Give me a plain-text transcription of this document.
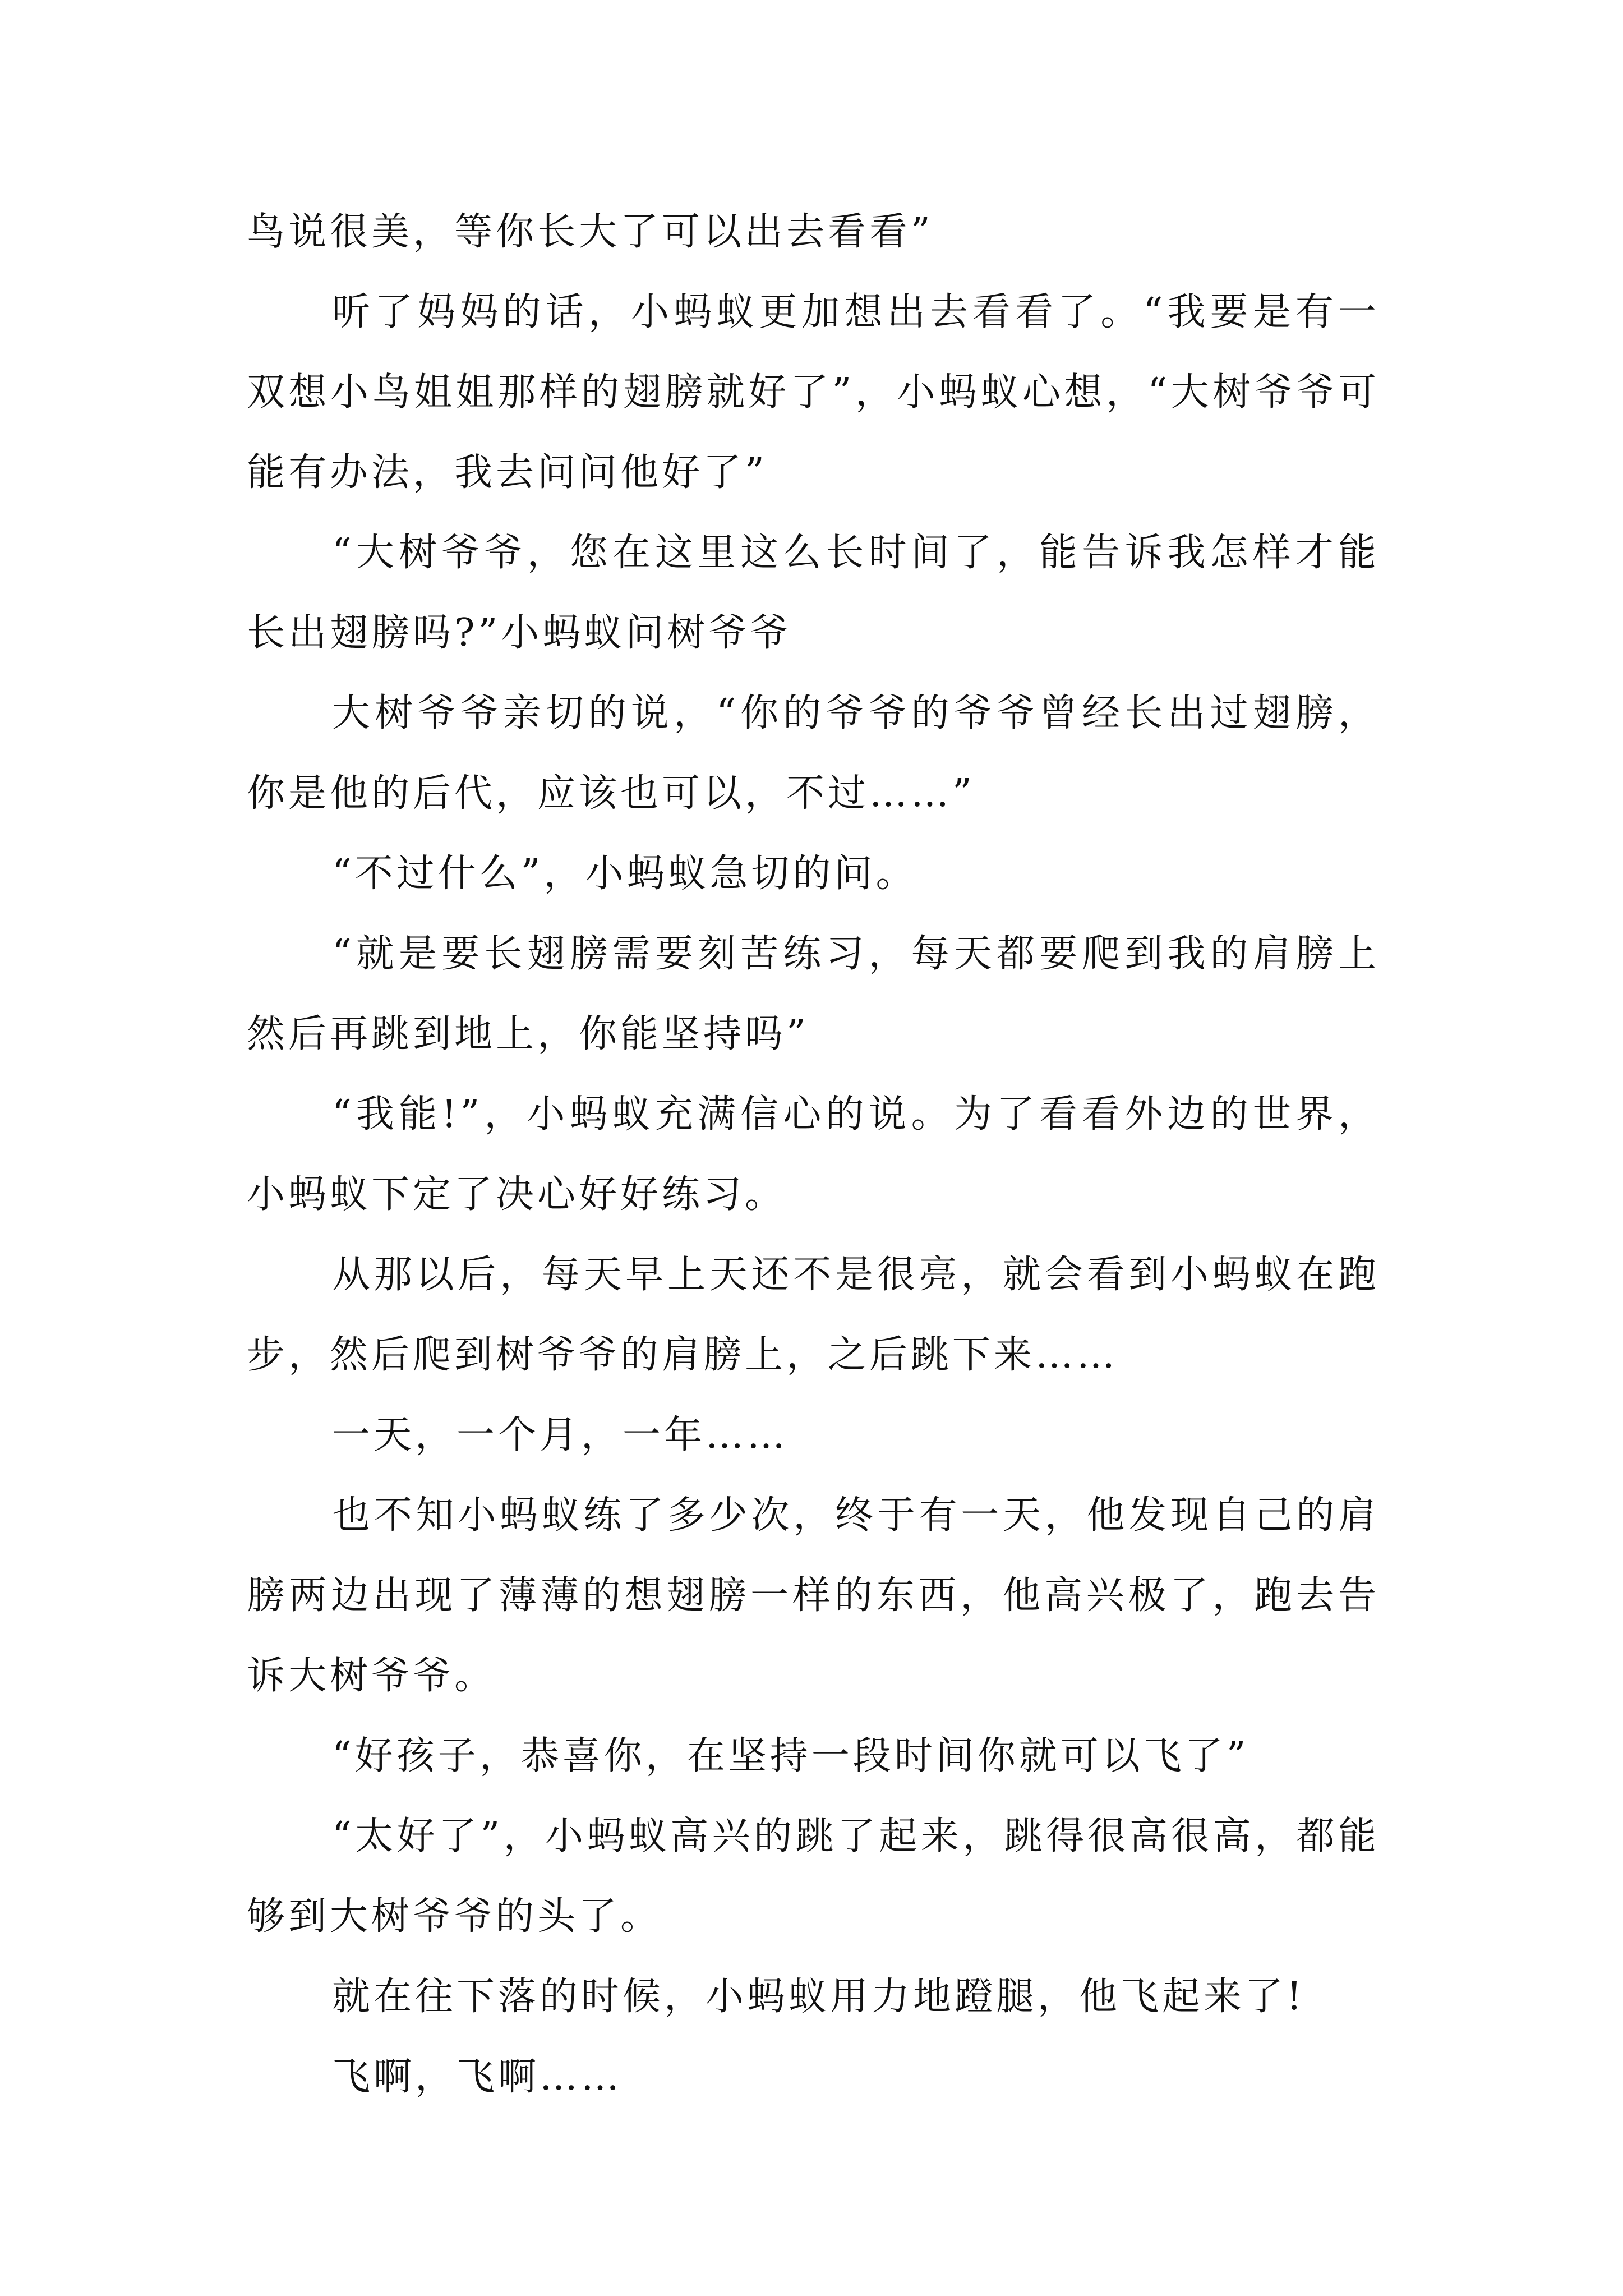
鸟说很美，等你长大了可以出去看看”

听了妈妈的话，小蚂蚁更加想出去看看了。“我要是有一双想小鸟姐姐那样的翅膀就好了”，小蚂蚁心想，“大树爷爷可能有办法，我去问问他好了”

“大树爷爷，您在这里这么长时间了，能告诉我怎样才能长出翅膀吗?”小蚂蚁问树爷爷

大树爷爷亲切的说，“你的爷爷的爷爷曾经长出过翅膀，你是他的后代，应该也可以，不过……”

“不过什么”，小蚂蚁急切的问。

“就是要长翅膀需要刻苦练习，每天都要爬到我的肩膀上然后再跳到地上，你能坚持吗”

“我能!”，小蚂蚁充满信心的说。为了看看外边的世界，小蚂蚁下定了决心好好练习。

从那以后，每天早上天还不是很亮，就会看到小蚂蚁在跑步，然后爬到树爷爷的肩膀上，之后跳下来……

一天，一个月，一年……

也不知小蚂蚁练了多少次，终于有一天，他发现自己的肩膀两边出现了薄薄的想翅膀一样的东西，他高兴极了，跑去告诉大树爷爷。

“好孩子，恭喜你，在坚持一段时间你就可以飞了”

“太好了”，小蚂蚁高兴的跳了起来，跳得很高很高，都能够到大树爷爷的头了。

就在往下落的时候，小蚂蚁用力地蹬腿，他飞起来了!

飞啊，飞啊……
